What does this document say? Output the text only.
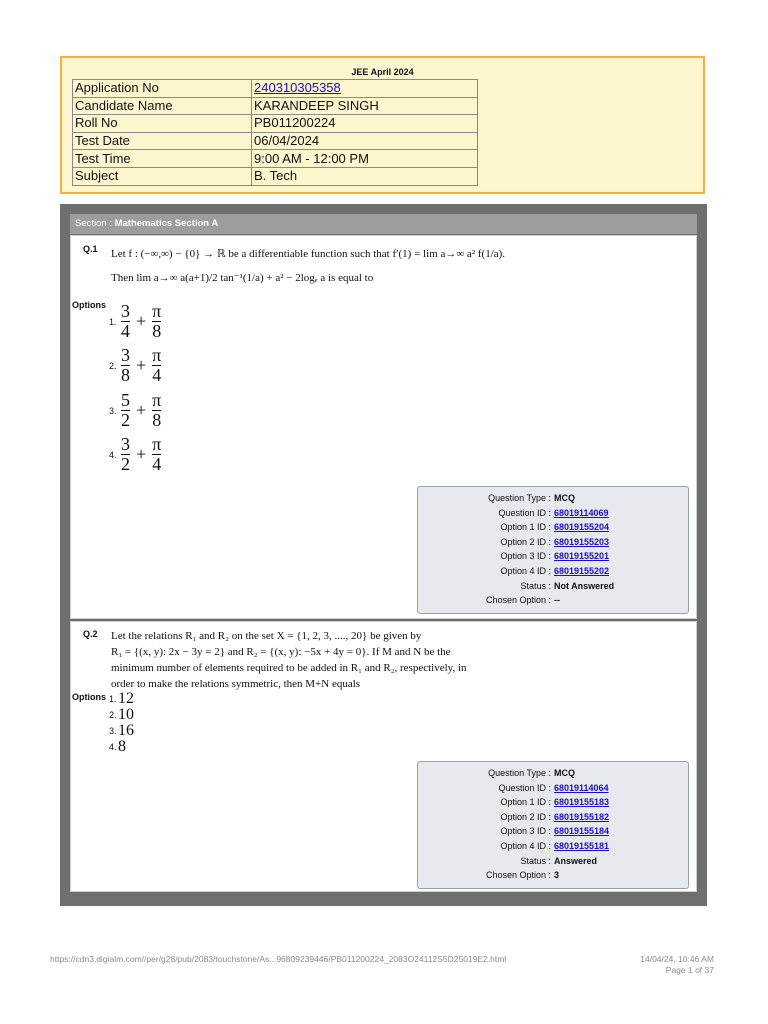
JEE April 2024
Application No	240310305358
Candidate Name	KARANDEEP SINGH
Roll No	PB011200224
Test Date	06/04/2024
Test Time	9:00 AM - 12:00 PM
Subject	B. Tech
Section : Mathematics Section A
Q.1 Let f : (−∞,∞) − {0} → ℝ be a differentiable function such that f′(1) = lim a→∞ a² f(1/a).
Then lim a→∞ a(a+1)/2 tan⁻¹(1/a) + a² − 2logₑ a is equal to
Options
1. $\frac{3}{4} + \frac{\pi}{8}$
2. $\frac{3}{8} + \frac{\pi}{4}$
3. $\frac{5}{2} + \frac{\pi}{8}$
4. $\frac{3}{2} + \frac{\pi}{4}$
Question Type : MCQ
Question ID : 68019114069
Option 1 ID : 68019155204
Option 2 ID : 68019155203
Option 3 ID : 68019155201
Option 4 ID : 68019155202
Status : Not Answered
Chosen Option : --
Q.2 Let the relations R₁ and R₂ on the set X = {1, 2, 3, ...., 20} be given by
R₁ = {(x, y): 2x − 3y = 2} and R₂ = {(x, y): −5x + 4y = 0}. If M and N be the
minimum number of elements required to be added in R₁ and R₂, respectively, in
order to make the relations symmetric, then M+N equals
Options 1. 12
2. 10
3. 16
4. 8
Question Type : MCQ
Question ID : 68019114064
Option 1 ID : 68019155183
Option 2 ID : 68019155182
Option 3 ID : 68019155184
Option 4 ID : 68019155181
Status : Answered
Chosen Option : 3
https://cdn3.digialm.com//per/g28/pub/2083/touchstone/As...96809239446/PB011200224_2083O24112S5D25019E2.html	14/04/24, 10:46 AM
Page 1 of 37
